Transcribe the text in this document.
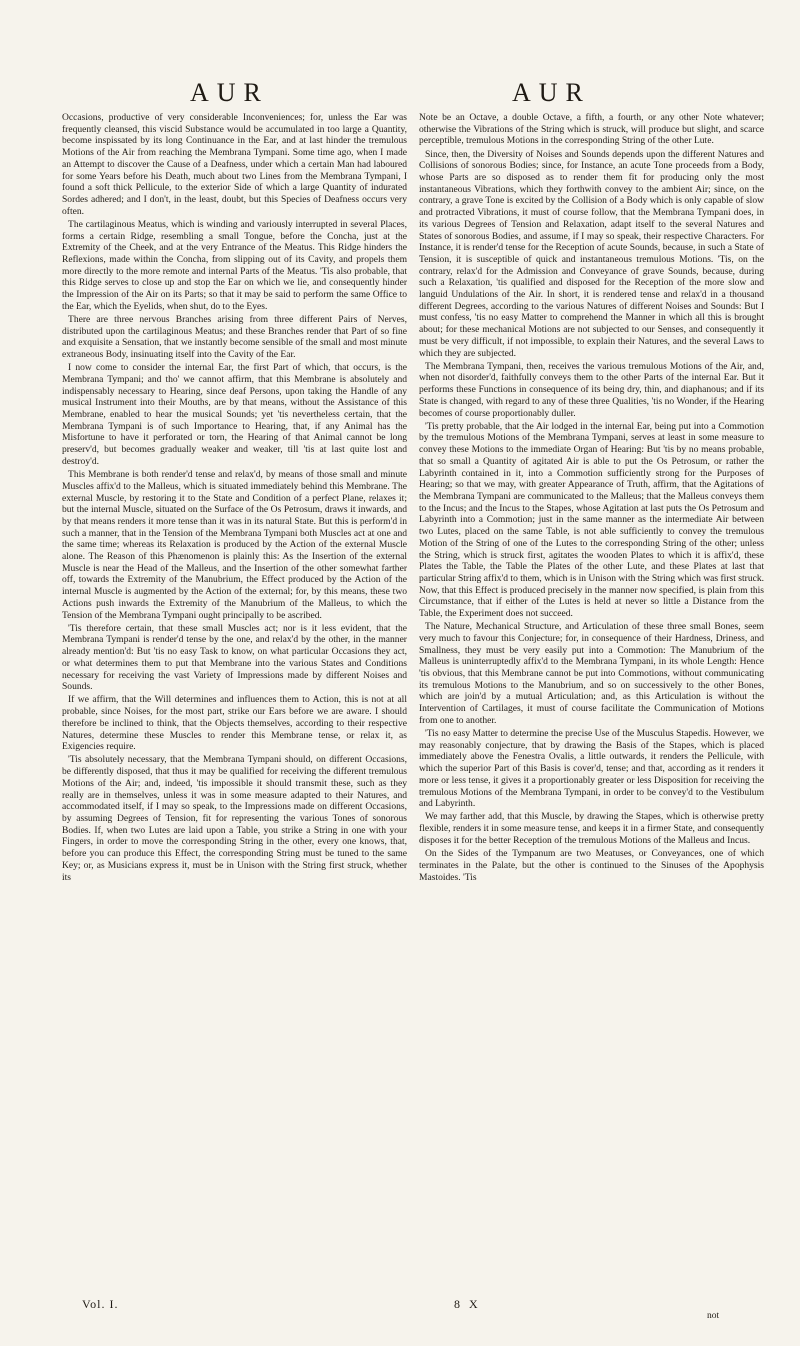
AUR	AUR

Occasions, productive of very considerable Inconveniences; for, unless the Ear was frequently cleansed, this viscid Substance would be accumulated in too large a Quantity, become inspissated by its long Continuance in the Ear, and at last hinder the tremulous Motions of the Air from reaching the Membrana Tympani. Some time ago, when I made an Attempt to discover the Cause of a Deafness, under which a certain Man had laboured for some Years before his Death, much about two Lines from the Membrana Tympani, I found a soft thick Pellicule, to the exterior Side of which a large Quantity of indurated Sordes adhered; and I don't, in the least, doubt, but this Species of Deafness occurs very often.

The cartilaginous Meatus, which is winding and variously interrupted in several Places, forms a certain Ridge, resembling a small Tongue, before the Concha, just at the Extremity of the Cheek, and at the very Entrance of the Meatus. This Ridge hinders the Reflexions, made within the Concha, from slipping out of its Cavity, and propels them more directly to the more remote and internal Parts of the Meatus. 'Tis also probable, that this Ridge serves to close up and stop the Ear on which we lie, and consequently hinder the Impression of the Air on its Parts; so that it may be said to perform the same Office to the Ear, which the Eyelids, when shut, do to the Eyes.

There are three nervous Branches arising from three different Pairs of Nerves, distributed upon the cartilaginous Meatus; and these Branches render that Part of so fine and exquisite a Sensation, that we instantly become sensible of the small and most minute extraneous Body, insinuating itself into the Cavity of the Ear.

I now come to consider the internal Ear, the first Part of which, that occurs, is the Membrana Tympani; and tho' we cannot affirm, that this Membrane is absolutely and indispensably necessary to Hearing, since deaf Persons, upon taking the Handle of any musical Instrument into their Mouths, are by that means, without the Assistance of this Membrane, enabled to hear the musical Sounds; yet 'tis nevertheless certain, that the Membrana Tympani is of such Importance to Hearing, that, if any Animal has the Misfortune to have it perforated or torn, the Hearing of that Animal cannot be long preserv'd, but becomes gradually weaker and weaker, till 'tis at last quite lost and destroy'd.

This Membrane is both render'd tense and relax'd, by means of those small and minute Muscles affix'd to the Malleus, which is situated immediately behind this Membrane. The external Muscle, by restoring it to the State and Condition of a perfect Plane, relaxes it; but the internal Muscle, situated on the Surface of the Os Petrosum, draws it inwards, and by that means renders it more tense than it was in its natural State. But this is perform'd in such a manner, that in the Tension of the Membrana Tympani both Muscles act at one and the same time; whereas its Relaxation is produced by the Action of the external Muscle alone. The Reason of this Phænomenon is plainly this: As the Insertion of the external Muscle is near the Head of the Malleus, and the Insertion of the other somewhat farther off, towards the Extremity of the Manubrium, the Effect produced by the Action of the internal Muscle is augmented by the Action of the external; for, by this means, these two Actions push inwards the Extremity of the Manubrium of the Malleus, to which the Tension of the Membrana Tympani ought principally to be ascribed.

'Tis therefore certain, that these small Muscles act; nor is it less evident, that the Membrana Tympani is render'd tense by the one, and relax'd by the other, in the manner already mention'd: But 'tis no easy Task to know, on what particular Occasions they act, or what determines them to put that Membrane into the various States and Conditions necessary for receiving the vast Variety of Impressions made by different Noises and Sounds.

If we affirm, that the Will determines and influences them to Action, this is not at all probable, since Noises, for the most part, strike our Ears before we are aware. I should therefore be inclined to think, that the Objects themselves, according to their respective Natures, determine these Muscles to render this Membrane tense, or relax it, as Exigencies require.

'Tis absolutely necessary, that the Membrana Tympani should, on different Occasions, be differently disposed, that thus it may be qualified for receiving the different tremulous Motions of the Air; and, indeed, 'tis impossible it should transmit these, such as they really are in themselves, unless it was in some measure adapted to their Natures, and accommodated itself, if I may so speak, to the Impressions made on different Occasions, by assuming Degrees of Tension, fit for representing the various Tones of sonorous Bodies. If, when two Lutes are laid upon a Table, you strike a String in one with your Fingers, in order to move the corresponding String in the other, every one knows, that, before you can produce this Effect, the corresponding String must be tuned to the same Key; or, as Musicians express it, must be in Unison with the String first struck, whether its

Note be an Octave, a double Octave, a fifth, a fourth, or any other Note whatever; otherwise the Vibrations of the String which is struck, will produce but slight, and scarce perceptible, tremulous Motions in the corresponding String of the other Lute.

Since, then, the Diversity of Noises and Sounds depends upon the different Natures and Collisions of sonorous Bodies; since, for Instance, an acute Tone proceeds from a Body, whose Parts are so disposed as to render them fit for producing only the most instantaneous Vibrations, which they forthwith convey to the ambient Air; since, on the contrary, a grave Tone is excited by the Collision of a Body which is only capable of slow and protracted Vibrations, it must of course follow, that the Membrana Tympani does, in its various Degrees of Tension and Relaxation, adapt itself to the several Natures and States of sonorous Bodies, and assume, if I may so speak, their respective Characters. For Instance, it is render'd tense for the Reception of acute Sounds, because, in such a State of Tension, it is susceptible of quick and instantaneous tremulous Motions. 'Tis, on the contrary, relax'd for the Admission and Conveyance of grave Sounds, because, during such a Relaxation, 'tis qualified and disposed for the Reception of the more slow and languid Undulations of the Air. In short, it is rendered tense and relax'd in a thousand different Degrees, according to the various Natures of different Noises and Sounds: But I must confess, 'tis no easy Matter to comprehend the Manner in which all this is brought about; for these mechanical Motions are not subjected to our Senses, and consequently it must be very difficult, if not impossible, to explain their Natures, and the several Laws to which they are subjected.

The Membrana Tympani, then, receives the various tremulous Motions of the Air, and, when not disorder'd, faithfully conveys them to the other Parts of the internal Ear. But it performs these Functions in consequence of its being dry, thin, and diaphanous; and if its State is changed, with regard to any of these three Qualities, 'tis no Wonder, if the Hearing becomes of course proportionably duller.

'Tis pretty probable, that the Air lodged in the internal Ear, being put into a Commotion by the tremulous Motions of the Membrana Tympani, serves at least in some measure to convey these Motions to the immediate Organ of Hearing: But 'tis by no means probable, that so small a Quantity of agitated Air is able to put the Os Petrosum, or rather the Labyrinth contained in it, into a Commotion sufficiently strong for the Purposes of Hearing; so that we may, with greater Appearance of Truth, affirm, that the Agitations of the Membrana Tympani are communicated to the Malleus; that the Malleus conveys them to the Incus; and the Incus to the Stapes, whose Agitation at last puts the Os Petrosum and Labyrinth into a Commotion; just in the same manner as the intermediate Air between two Lutes, placed on the same Table, is not able sufficiently to convey the tremulous Motion of the String of one of the Lutes to the corresponding String of the other; unless the String, which is struck first, agitates the wooden Plates to which it is affix'd, these Plates the Table, the Table the Plates of the other Lute, and these Plates at last that particular String affix'd to them, which is in Unison with the String which was first struck. Now, that this Effect is produced precisely in the manner now specified, is plain from this Circumstance, that if either of the Lutes is held at never so little a Distance from the Table, the Experiment does not succeed.

The Nature, Mechanical Structure, and Articulation of these three small Bones, seem very much to favour this Conjecture; for, in consequence of their Hardness, Driness, and Smallness, they must be very easily put into a Commotion: The Manubrium of the Malleus is uninterruptedly affix'd to the Membrana Tympani, in its whole Length: Hence 'tis obvious, that this Membrane cannot be put into Commotions, without communicating its tremulous Motions to the Manubrium, and so on successively to the other Bones, which are join'd by a mutual Articulation; and, as this Articulation is without the Intervention of Cartilages, it must of course facilitate the Communication of Motions from one to another.

'Tis no easy Matter to determine the precise Use of the Musculus Stapedis. However, we may reasonably conjecture, that by drawing the Basis of the Stapes, which is placed immediately above the Fenestra Ovalis, a little outwards, it renders the Pellicule, with which the superior Part of this Basis is cover'd, tense; and that, according as it renders it more or less tense, it gives it a proportionably greater or less Disposition for receiving the tremulous Motions of the Membrana Tympani, in order to be convey'd to the Vestibulum and Labyrinth.

We may farther add, that this Muscle, by drawing the Stapes, which is otherwise pretty flexible, renders it in some measure tense, and keeps it in a firmer State, and consequently disposes it for the better Reception of the tremulous Motions of the Malleus and Incus.

On the Sides of the Tympanum are two Meatuses, or Conveyances, one of which terminates in the Palate, but the other is continued to the Sinuses of the Apophysis Mastoides. 'Tis

Vol. I.	8 X
not
